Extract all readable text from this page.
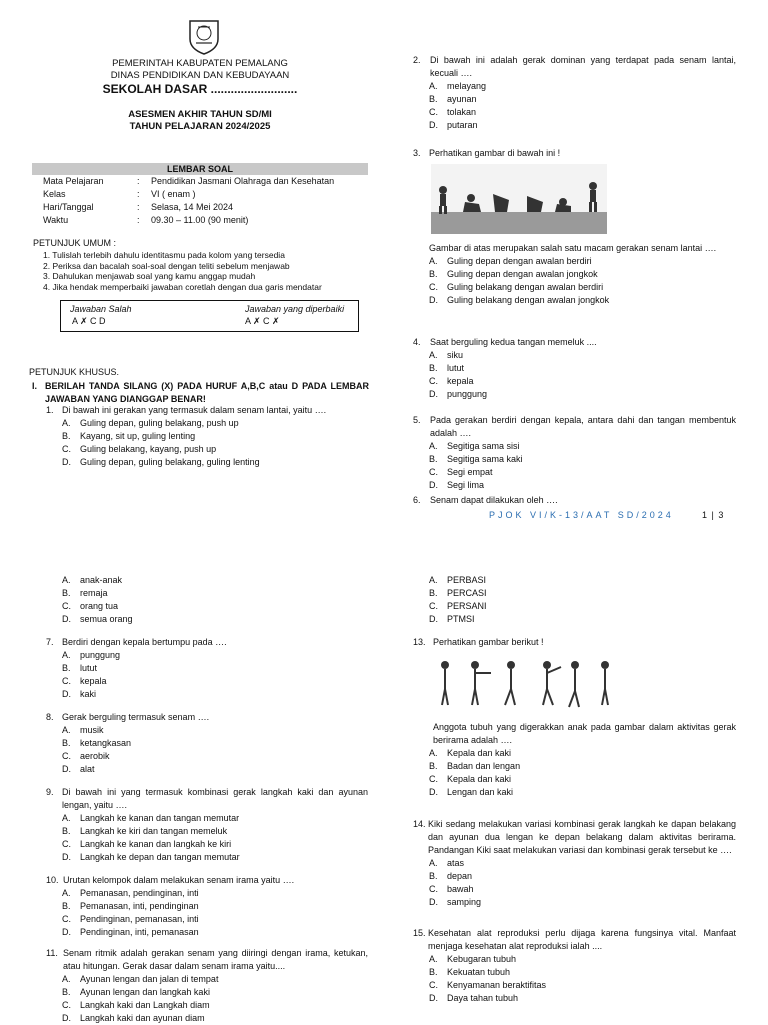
PEMERINTAH KABUPATEN PEMALANG
DINAS PENDIDIKAN DAN KEBUDAYAAN
SEKOLAH DASAR ..........................
ASESMEN AKHIR TAHUN SD/MI
TAHUN PELAJARAN 2024/2025
LEMBAR SOAL
Mata Pelajaran	:	Pendidikan Jasmani Olahraga dan Kesehatan
Kelas	:	VI ( enam )
Hari/Tanggal	:	Selasa, 14 Mei 2024
Waktu	:	09.30 – 11.00 (90 menit)
PETUNJUK UMUM :
1. Tulislah terlebih dahulu identitasmu pada kolom yang tersedia
2. Periksa dan bacalah soal-soal dengan teliti sebelum menjawab
3. Dahulukan menjawab soal yang kamu anggap mudah
4. Jika hendak memperbaiki jawaban coretlah dengan dua garis mendatar
Jawaban Salah
A ✗ C D
Jawaban yang diperbaiki
A ✗ C ✗
PETUNJUK KHUSUS.
I. BERILAH TANDA SILANG (X) PADA HURUF A,B,C atau D PADA LEMBAR JAWABAN YANG DIANGGAP BENAR!
1. Di bawah ini gerakan yang termasuk dalam senam lantai, yaitu ….
A.	Guling depan, guling belakang, push up
B.	Kayang, sit up, guling lenting
C.	Guling belakang, kayang, push up
D.	Guling depan, guling belakang, guling lenting
2. Di bawah ini adalah gerak dominan yang terdapat pada senam lantai, kecuali ….
A.	melayang
B.	ayunan
C.	tolakan
D.	putaran
3. Perhatikan gambar di bawah ini !
Gambar di atas merupakan salah satu macam gerakan senam lantai ….
A.	Guling depan dengan awalan berdiri
B.	Guling depan dengan awalan jongkok
C.	Guling belakang dengan awalan berdiri
D.	Guling belakang dengan awalan jongkok
4. Saat berguling kedua tangan memeluk ....
A.	siku
B.	lutut
C.	kepala
D.	punggung
5. Pada gerakan berdiri dengan kepala, antara dahi dan tangan membentuk adalah ….
A.	Segitiga sama sisi
B.	Segitiga sama kaki
C.	Segi empat
D.	Segi lima
6. Senam dapat dilakukan oleh ….
PJOK VI/K-13/AAT SD/2024	1 | 3
A.	anak-anak
B.	remaja
C.	orang tua
D.	semua orang
7. Berdiri dengan kepala bertumpu pada ….
A.	punggung
B.	lutut
C.	kepala
D.	kaki
8. Gerak berguling termasuk senam ….
A.	musik
B.	ketangkasan
C.	aerobik
D.	alat
9. Di bawah ini yang termasuk kombinasi gerak langkah kaki dan ayunan lengan, yaitu ….
A.	Langkah ke kanan dan tangan memutar
B.	Langkah ke kiri dan tangan memeluk
C.	Langkah ke kanan dan langkah ke kiri
D.	Langkah ke depan dan tangan memutar
10. Urutan kelompok dalam melakukan senam irama yaitu ….
A.	Pemanasan, pendinginan, inti
B.	Pemanasan, inti, pendinginan
C.	Pendinginan, pemanasan, inti
D.	Pendinginan, inti, pemanasan
11. Senam ritmik adalah gerakan senam yang diiringi dengan irama, ketukan, atau hitungan. Gerak dasar dalam senam irama yaitu....
A.	Ayunan lengan dan jalan di tempat
B.	Ayunan lengan dan langkah kaki
C.	Langkah kaki dan Langkah diam
D.	Langkah kaki dan ayunan diam
A.	PERBASI
B.	PERCASI
C.	PERSANI
D.	PTMSI
13. Perhatikan gambar berikut !
Anggota tubuh yang digerakkan anak pada gambar dalam aktivitas gerak berirama adalah ….
A.	Kepala dan kaki
B.	Badan dan lengan
C.	Kepala dan kaki
D.	Lengan dan kaki
14. Kiki sedang melakukan variasi kombinasi gerak langkah ke dapan belakang dan ayunan dua lengan ke depan belakang dalam aktivitas berirama. Pandangan Kiki saat melakukan variasi dan kombinasi gerak tersebut ke ….
A.	atas
B.	depan
C.	bawah
D.	samping
15. Kesehatan alat reproduksi perlu dijaga karena fungsinya vital. Manfaat menjaga kesehatan alat reproduksi ialah ....
A.	Kebugaran tubuh
B.	Kekuatan tubuh
C.	Kenyamanan beraktifitas
D.	Daya tahan tubuh
